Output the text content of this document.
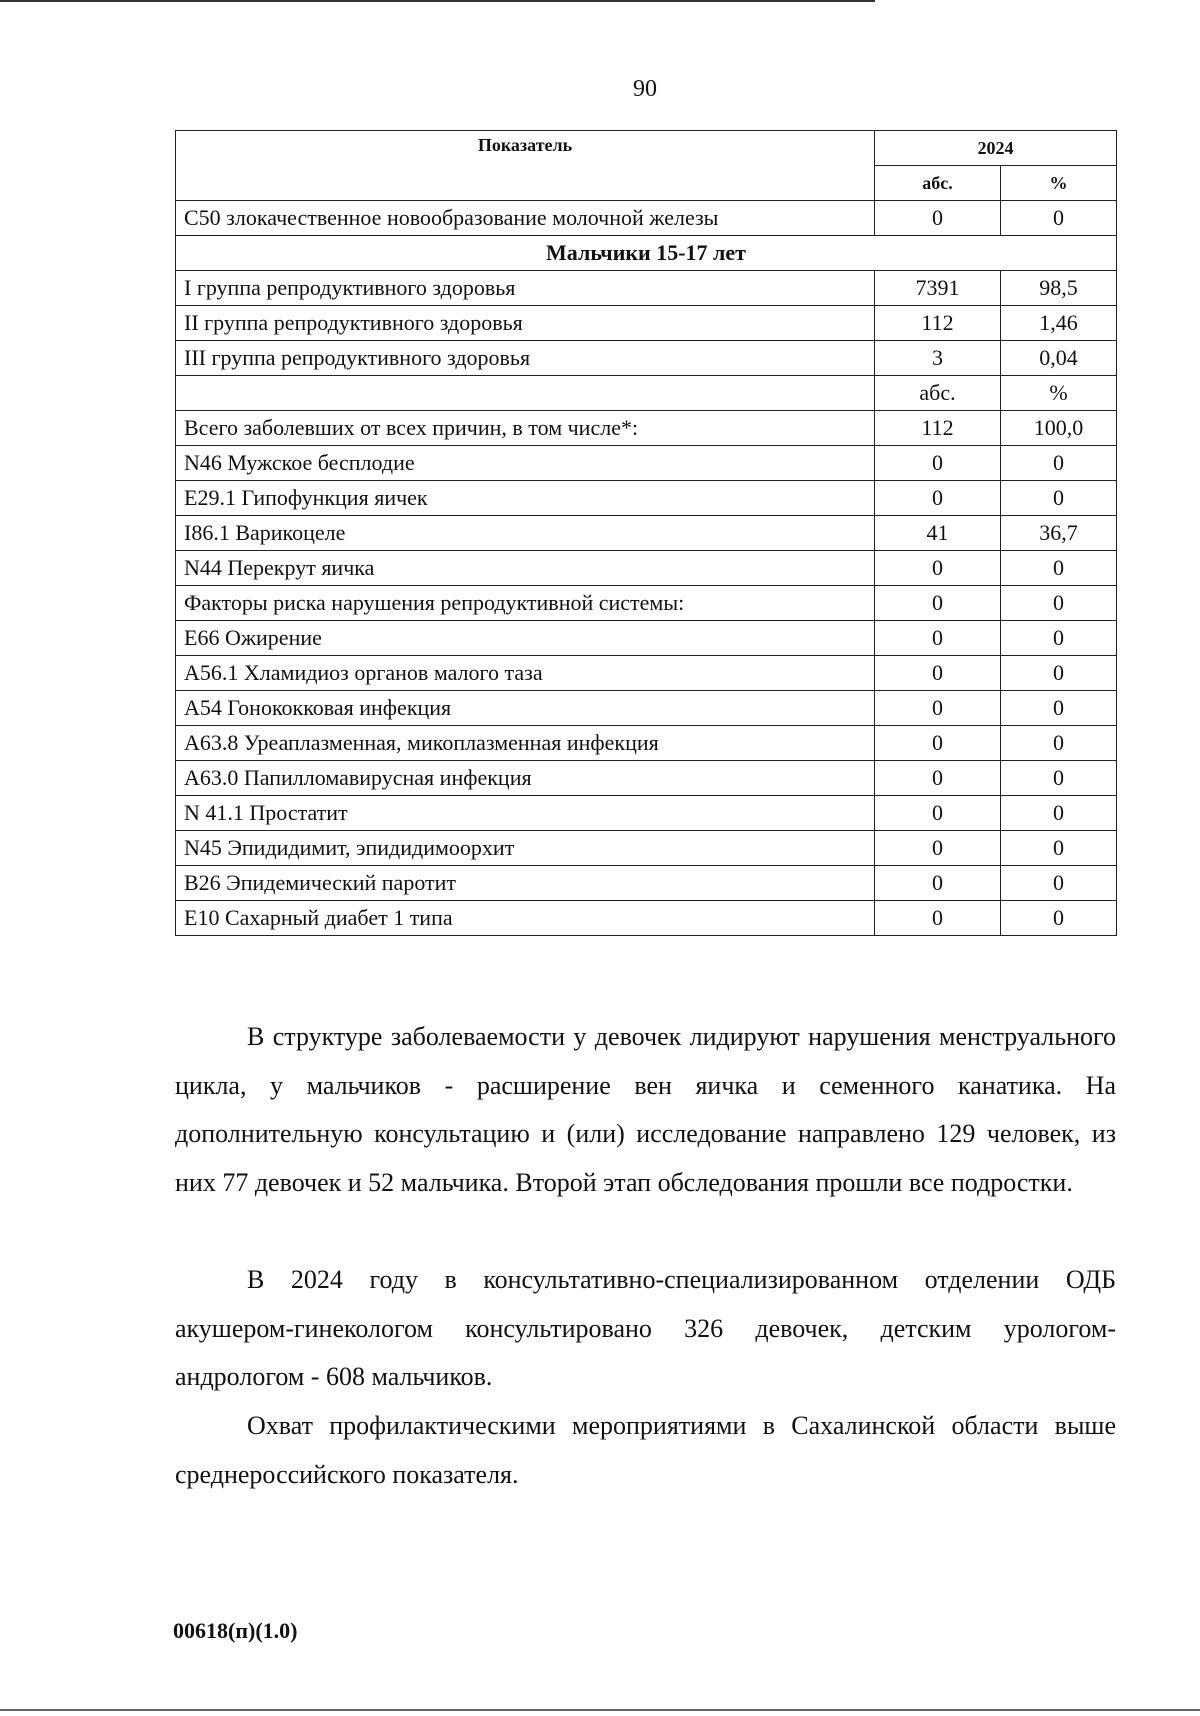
90
Показатель	2024	
	абс.	%
С50 злокачественное новообразование молочной железы	0	0
Мальчики 15-17 лет		
I группа репродуктивного здоровья	7391	98,5
II группа репродуктивного здоровья	112	1,46
III группа репродуктивного здоровья	3	0,04
	абс.	%
Всего заболевших от всех причин, в том числе*:	112	100,0
N46 Мужское бесплодие	0	0
Е29.1 Гипофункция яичек	0	0
I86.1 Варикоцеле	41	36,7
N44 Перекрут яичка	0	0
Факторы риска нарушения репродуктивной системы:	0	0
Е66 Ожирение	0	0
А56.1 Хламидиоз органов малого таза	0	0
А54 Гонококковая инфекция	0	0
А63.8 Уреаплазменная, микоплазменная инфекция	0	0
А63.0 Папилломавирусная инфекция	0	0
N 41.1 Простатит	0	0
N45 Эпидидимит, эпидидимоорхит	0	0
В26 Эпидемический паротит	0	0
Е10 Сахарный диабет 1 типа	0	0

В структуре заболеваемости у девочек лидируют нарушения менструального цикла, у мальчиков - расширение вен яичка и семенного канатика. На дополнительную консультацию и (или) исследование направлено 129 человек, из них 77 девочек и 52 мальчика. Второй этап обследования прошли все подростки.

В 2024 году в консультативно-специализированном отделении ОДБ акушером-гинекологом консультировано 326 девочек, детским урологом-андрологом - 608 мальчиков.

Охват профилактическими мероприятиями в Сахалинской области выше среднероссийского показателя.

00618(п)(1.0)
